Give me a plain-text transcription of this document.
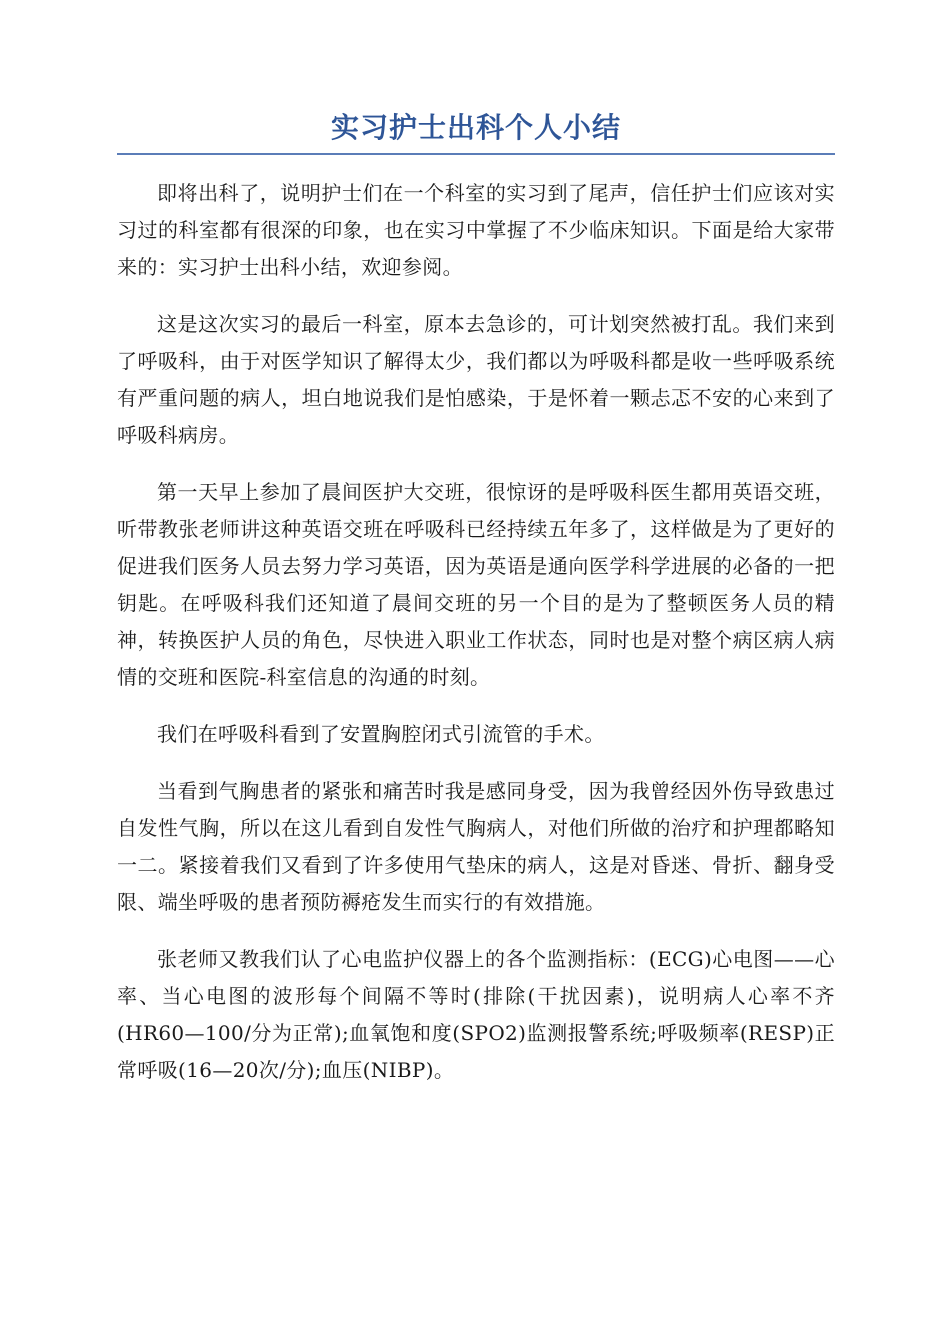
实习护士出科个人小结

即将出科了，说明护士们在一个科室的实习到了尾声，信任护士们应该对实习过的科室都有很深的印象，也在实习中掌握了不少临床知识。下面是给大家带来的：实习护士出科小结，欢迎参阅。

这是这次实习的最后一科室，原本去急诊的，可计划突然被打乱。我们来到了呼吸科，由于对医学知识了解得太少，我们都以为呼吸科都是收一些呼吸系统有严重问题的病人，坦白地说我们是怕感染，于是怀着一颗忐忑不安的心来到了呼吸科病房。

第一天早上参加了晨间医护大交班，很惊讶的是呼吸科医生都用英语交班，听带教张老师讲这种英语交班在呼吸科已经持续五年多了，这样做是为了更好的促进我们医务人员去努力学习英语，因为英语是通向医学科学进展的必备的一把钥匙。在呼吸科我们还知道了晨间交班的另一个目的是为了整顿医务人员的精神，转换医护人员的角色，尽快进入职业工作状态，同时也是对整个病区病人病情的交班和医院-科室信息的沟通的时刻。

我们在呼吸科看到了安置胸腔闭式引流管的手术。

当看到气胸患者的紧张和痛苦时我是感同身受，因为我曾经因外伤导致患过自发性气胸，所以在这儿看到自发性气胸病人，对他们所做的治疗和护理都略知一二。紧接着我们又看到了许多使用气垫床的病人，这是对昏迷、骨折、翻身受限、端坐呼吸的患者预防褥疮发生而实行的有效措施。

张老师又教我们认了心电监护仪器上的各个监测指标：(ECG)心电图——心率、当心电图的波形每个间隔不等时(排除(干扰因素)，说明病人心率不齐(HR60—100/分为正常);血氧饱和度(SPO2)监测报警系统;呼吸频率(RESP)正常呼吸(16—20次/分);血压(NIBP)。
